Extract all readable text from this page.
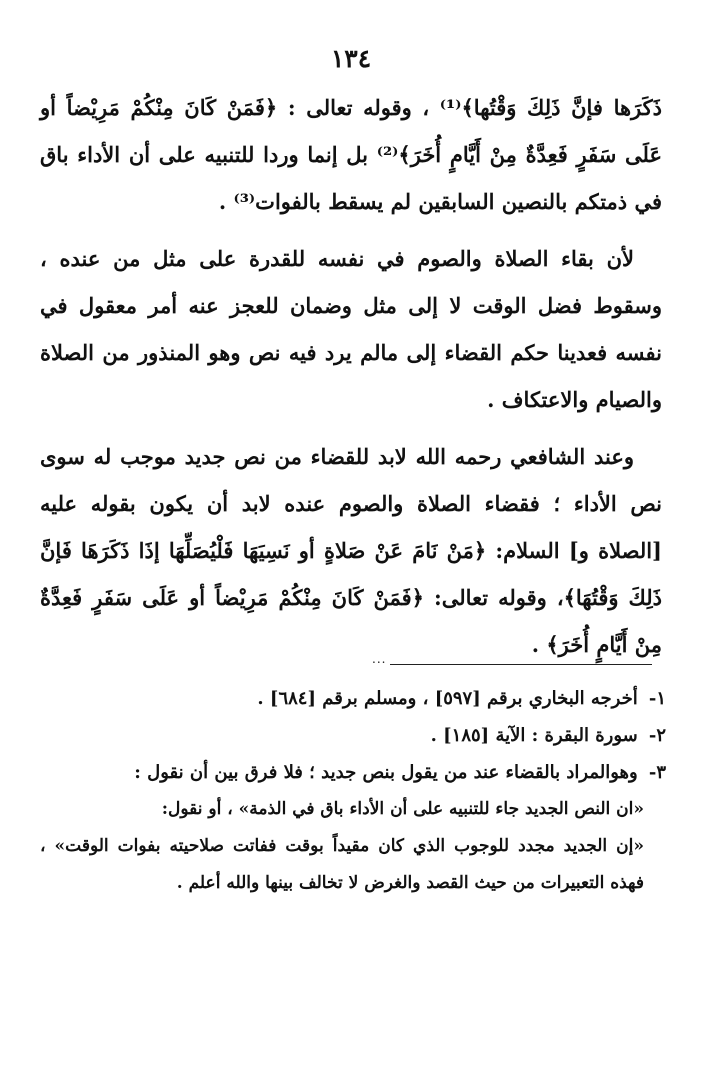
١٣٤

ذَكَرَها فإنَّ ذَلِكَ وَقْتُها﴾⁽¹⁾ ، وقوله تعالى : ﴿فَمَنْ كَانَ مِنْكُمْ مَرِيْضاً أو عَلَى سَفَرٍ فَعِدَّةٌ مِنْ أَيَّامٍ أُخَرَ﴾⁽²⁾ بل إنما وردا للتنبيه على أن الأداء باق في ذمتكم بالنصين السابقين لم يسقط بالفوات⁽³⁾ .

لأن بقاء الصلاة والصوم في نفسه للقدرة على مثل من عنده ، وسقوط فضل الوقت لا إلى مثل وضمان للعجز عنه أمر معقول في نفسه فعدينا حكم القضاء إلى مالم يرد فيه نص وهو المنذور من الصلاة والصيام والاعتكاف .

وعند الشافعي رحمه الله لابد للقضاء من نص جديد موجب له سوى نص الأداء ؛ فقضاء الصلاة والصوم عنده لابد أن يكون بقوله عليه [الصلاة و] السلام: ﴿مَنْ نَامَ عَنْ صَلاةٍ أو نَسِيَهَا فَلْيُصَلِّهَا إذَا ذَكَرَهَا فَإنَّ ذَلِكَ وَقْتُهَا﴾، وقوله تعالى: ﴿فَمَنْ كَانَ مِنْكُمْ مَرِيْضاً أو عَلَى سَفَرٍ فَعِدَّةٌ مِنْ أَيَّامٍ أُخَرَ﴾ .

...

١- أخرجه البخاري برقم [٥٩٧] ، ومسلم برقم [٦٨٤] .

٢- سورة البقرة : الآية [١٨٥] .

٣- وهوالمراد بالقضاء عند من يقول بنص جديد ؛ فلا فرق بين أن نقول :

«ان النص الجديد جاء للتنبيه على أن الأداء باق في الذمة» ، أو نقول:

«إن الجديد مجدد للوجوب الذي كان مقيداً بوقت ففاتت صلاحيته بفوات الوقت» ، فهذه التعبيرات من حيث القصد والغرض لا تخالف بينها والله أعلم .
